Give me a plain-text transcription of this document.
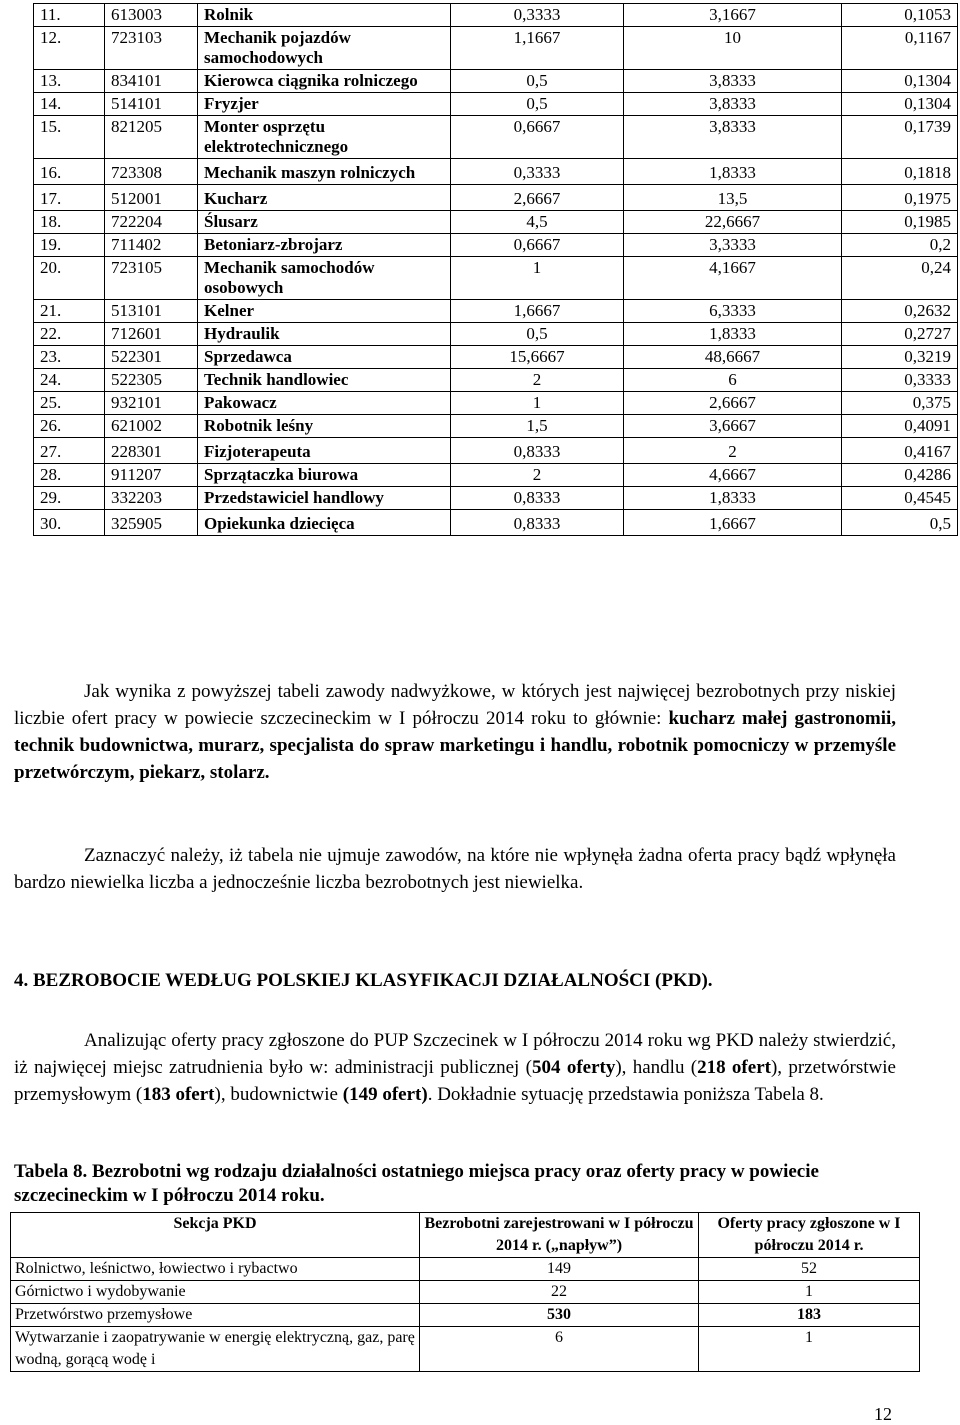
11.	613003	Rolnik	0,3333	3,1667	0,1053
12.	723103	Mechanik pojazdów samochodowych	1,1667	10	0,1167
13.	834101	Kierowca ciągnika rolniczego	0,5	3,8333	0,1304
14.	514101	Fryzjer	0,5	3,8333	0,1304
15.	821205	Monter osprzętu elektrotechnicznego	0,6667	3,8333	0,1739
16.	723308	Mechanik maszyn rolniczych	0,3333	1,8333	0,1818
17.	512001	Kucharz	2,6667	13,5	0,1975
18.	722204	Ślusarz	4,5	22,6667	0,1985
19.	711402	Betoniarz-zbrojarz	0,6667	3,3333	0,2
20.	723105	Mechanik samochodów osobowych	1	4,1667	0,24
21.	513101	Kelner	1,6667	6,3333	0,2632
22.	712601	Hydraulik	0,5	1,8333	0,2727
23.	522301	Sprzedawca	15,6667	48,6667	0,3219
24.	522305	Technik handlowiec	2	6	0,3333
25.	932101	Pakowacz	1	2,6667	0,375
26.	621002	Robotnik leśny	1,5	3,6667	0,4091
27.	228301	Fizjoterapeuta	0,8333	2	0,4167
28.	911207	Sprzątaczka biurowa	2	4,6667	0,4286
29.	332203	Przedstawiciel handlowy	0,8333	1,8333	0,4545
30.	325905	Opiekunka dziecięca	0,8333	1,6667	0,5

Jak wynika z powyższej tabeli zawody nadwyżkowe, w których jest najwięcej bezrobotnych przy niskiej liczbie ofert pracy w powiecie szczecineckim w I półroczu 2014 roku to głównie: kucharz małej gastronomii, technik budownictwa, murarz, specjalista do spraw marketingu i handlu, robotnik pomocniczy w przemyśle przetwórczym, piekarz, stolarz.

Zaznaczyć należy, iż tabela nie ujmuje zawodów, na które nie wpłynęła żadna oferta pracy bądź wpłynęła bardzo niewielka liczba a jednocześnie liczba bezrobotnych jest niewielka.

4. BEZROBOCIE WEDŁUG POLSKIEJ KLASYFIKACJI DZIAŁALNOŚCI (PKD).

Analizując oferty pracy zgłoszone do PUP Szczecinek w I półroczu 2014 roku wg PKD należy stwierdzić, iż najwięcej miejsc zatrudnienia było w: administracji publicznej (504 oferty), handlu (218 ofert), przetwórstwie przemysłowym (183 ofert), budownictwie (149 ofert). Dokładnie sytuację przedstawia poniższa Tabela 8.

Tabela 8. Bezrobotni wg rodzaju działalności ostatniego miejsca pracy oraz oferty pracy w powiecie szczecineckim w I półroczu 2014 roku.

Sekcja PKD	Bezrobotni zarejestrowani w I półroczu 2014 r. („napływ”)	Oferty pracy zgłoszone w I półroczu 2014 r.
Rolnictwo, leśnictwo, łowiectwo i rybactwo	149	52
Górnictwo i wydobywanie	22	1
Przetwórstwo przemysłowe	530	183
Wytwarzanie i zaopatrywanie w energię elektryczną, gaz, parę wodną, gorącą wodę i	6	1
12
